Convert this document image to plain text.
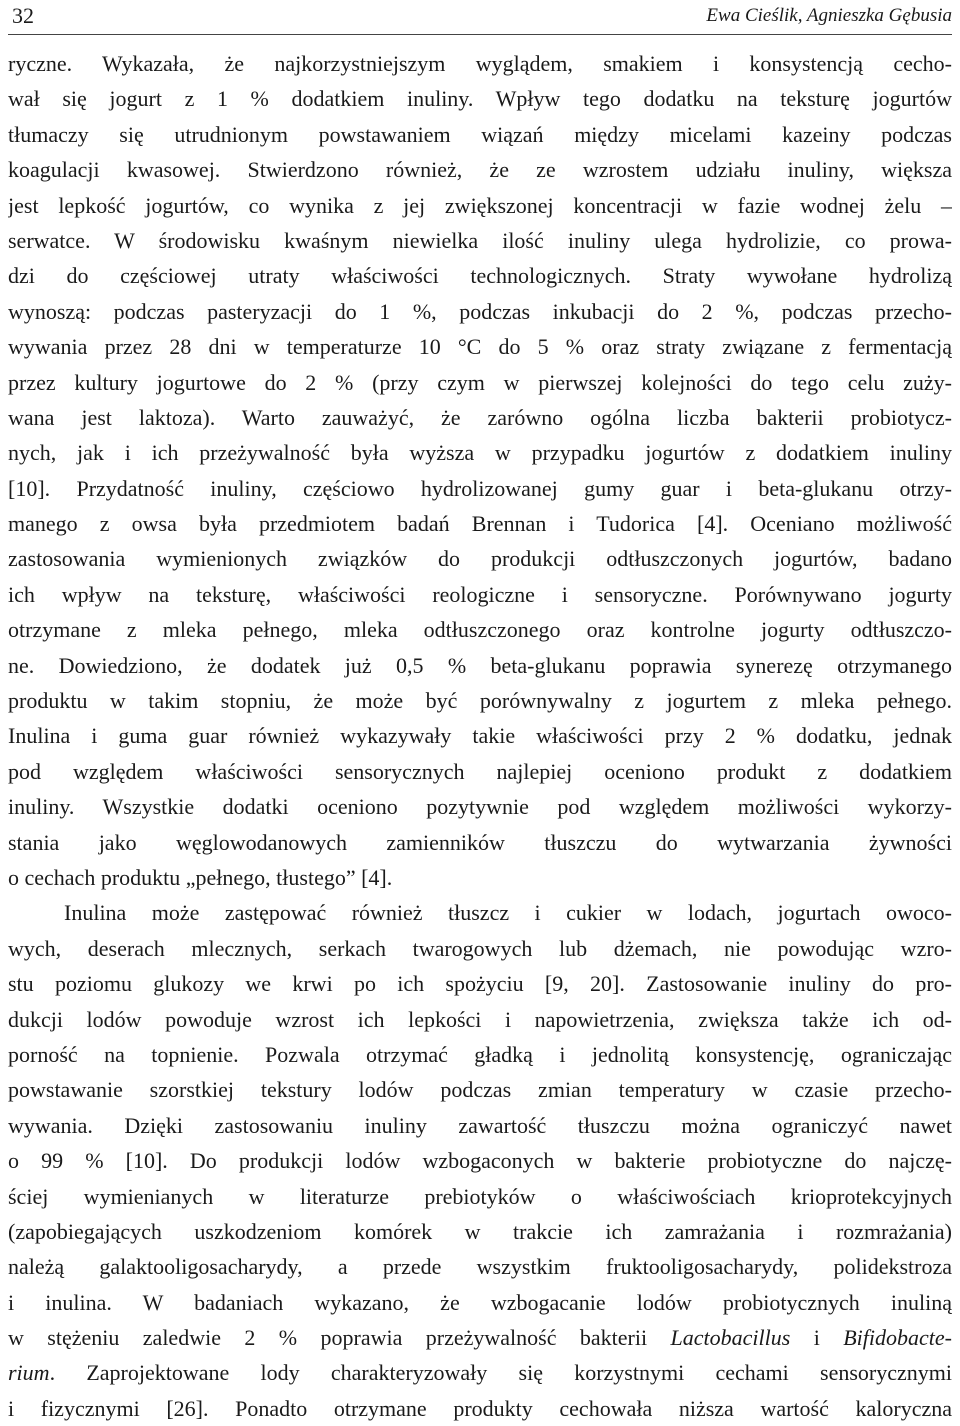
32	Ewa Cieślik, Agnieszka Gębusia
ryczne. Wykazała, że najkorzystniejszym wyglądem, smakiem i konsystencją cecho-
wał się jogurt z 1 % dodatkiem inuliny. Wpływ tego dodatku na teksturę jogurtów
tłumaczy się utrudnionym powstawaniem wiązań między micelami kazeiny podczas
koagulacji kwasowej. Stwierdzono również, że ze wzrostem udziału inuliny, większa
jest lepkość jogurtów, co wynika z jej zwiększonej koncentracji w fazie wodnej żelu –
serwatce. W środowisku kwaśnym niewielka ilość inuliny ulega hydrolizie, co prowa-
dzi do częściowej utraty właściwości technologicznych. Straty wywołane hydrolizą
wynoszą: podczas pasteryzacji do 1 %, podczas inkubacji do 2 %, podczas przecho-
wywania przez 28 dni w temperaturze 10 °C do 5 % oraz straty związane z fermentacją
przez kultury jogurtowe do 2 % (przy czym w pierwszej kolejności do tego celu zuży-
wana jest laktoza). Warto zauważyć, że zarówno ogólna liczba bakterii probiotycz-
nych, jak i ich przeżywalność była wyższa w przypadku jogurtów z dodatkiem inuliny
[10]. Przydatność inuliny, częściowo hydrolizowanej gumy guar i beta-glukanu otrzy-
manego z owsa była przedmiotem badań Brennan i Tudorica [4]. Oceniano możliwość
zastosowania wymienionych związków do produkcji odtłuszczonych jogurtów, badano
ich wpływ na teksturę, właściwości reologiczne i sensoryczne. Porównywano jogurty
otrzymane z mleka pełnego, mleka odtłuszczonego oraz kontrolne jogurty odtłuszczo-
ne. Dowiedziono, że dodatek już 0,5 % beta-glukanu poprawia synerezę otrzymanego
produktu w takim stopniu, że może być porównywalny z jogurtem z mleka pełnego.
Inulina i guma guar również wykazywały takie właściwości przy 2 % dodatku, jednak
pod względem właściwości sensorycznych najlepiej oceniono produkt z dodatkiem
inuliny. Wszystkie dodatki oceniono pozytywnie pod względem możliwości wykorzy-
stania jako węglowodanowych zamienników tłuszczu do wytwarzania żywności
o cechach produktu „pełnego, tłustego” [4].
Inulina może zastępować również tłuszcz i cukier w lodach, jogurtach owoco-
wych, deserach mlecznych, serkach twarogowych lub dżemach, nie powodując wzro-
stu poziomu glukozy we krwi po ich spożyciu [9, 20]. Zastosowanie inuliny do pro-
dukcji lodów powoduje wzrost ich lepkości i napowietrzenia, zwiększa także ich od-
porność na topnienie. Pozwala otrzymać gładką i jednolitą konsystencję, ograniczając
powstawanie szorstkiej tekstury lodów podczas zmian temperatury w czasie przecho-
wywania. Dzięki zastosowaniu inuliny zawartość tłuszczu można ograniczyć nawet
o 99 % [10]. Do produkcji lodów wzbogaconych w bakterie probiotyczne do najczę-
ściej wymienianych w literaturze prebiotyków o właściwościach krioprotekcyjnych
(zapobiegających uszkodzeniom komórek w trakcie ich zamrażania i rozmrażania)
należą galaktooligosacharydy, a przede wszystkim fruktooligosacharydy, polidekstroza
i inulina. W badaniach wykazano, że wzbogacanie lodów probiotycznych inuliną
w stężeniu zaledwie 2 % poprawia przeżywalność bakterii Lactobacillus i Bifidobacte-
rium. Zaprojektowane lody charakteryzowały się korzystnymi cechami sensorycznymi
i fizycznymi [26]. Ponadto otrzymane produkty cechowała niższa wartość kaloryczna
